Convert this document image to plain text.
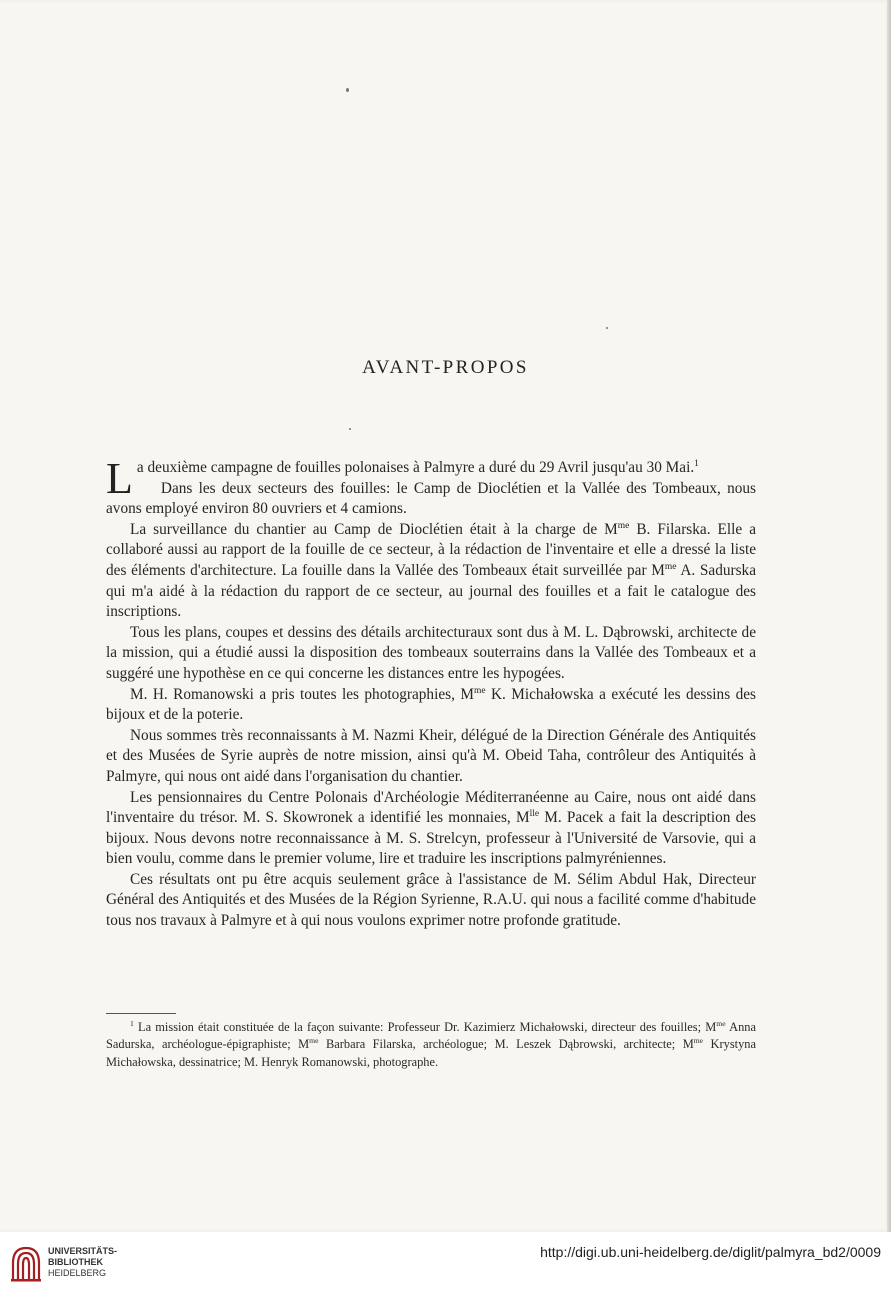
AVANT-PROPOS

La deuxième campagne de fouilles polonaises à Palmyre a duré du 29 Avril jusqu'au 30 Mai.$^1$

Dans les deux secteurs des fouilles: le Camp de Dioclétien et la Vallée des Tombeaux, nous avons employé environ 80 ouvriers et 4 camions.

La surveillance du chantier au Camp de Dioclétien était à la charge de $M^{me}$ B. Filarska. Elle a collaboré aussi au rapport de la fouille de ce secteur, à la rédaction de l'inventaire et elle a dressé la liste des éléments d'architecture. La fouille dans la Vallée des Tombeaux était surveillée par $M^{me}$ A. Sadurska qui m'a aidé à la rédaction du rapport de ce secteur, au journal des fouilles et a fait le catalogue des inscriptions.

Tous les plans, coupes et dessins des détails architecturaux sont dus à M. L. Dąbrowski, architecte de la mission, qui a étudié aussi la disposition des tombeaux souterrains dans la Vallée des Tombeaux et a suggéré une hypothèse en ce qui concerne les distances entre les hypogées.

M. H. Romanowski a pris toutes les photographies, $M^{me}$ K. Michałowska a exécuté les dessins des bijoux et de la poterie.

Nous sommes très reconnaissants à M. Nazmi Kheir, délégué de la Direction Générale des Antiquités et des Musées de Syrie auprès de notre mission, ainsi qu'à M. Obeid Taha, contrôleur des Antiquités à Palmyre, qui nous ont aidé dans l'organisation du chantier.

Les pensionnaires du Centre Polonais d'Archéologie Méditerranéenne au Caire, nous ont aidé dans l'inventaire du trésor. M. S. Skowronek a identifié les monnaies, $M^{lle}$ M. Pacek a fait la description des bijoux. Nous devons notre reconnaissance à M. S. Strelcyn, professeur à l'Université de Varsovie, qui a bien voulu, comme dans le premier volume, lire et traduire les inscriptions palmyréniennes.

Ces résultats ont pu être acquis seulement grâce à l'assistance de M. Sélim Abdul Hak, Directeur Général des Antiquités et des Musées de la Région Syrienne, R.A.U. qui nous a facilité comme d'habitude tous nos travaux à Palmyre et à qui nous voulons exprimer notre profonde gratitude.

$^1$ La mission était constituée de la façon suivante: Professeur Dr. Kazimierz Michałowski, directeur des fouilles; $M^{me}$ Anna Sadurska, archéologue-épigraphiste; $M^{me}$ Barbara Filarska, archéologue; M. Leszek Dąbrowski, architecte; $M^{me}$ Krystyna Michałowska, dessinatrice; M. Henryk Romanowski, photographe.

UNIVERSITÄTS-
BIBLIOTHEK
HEIDELBERG
http://digi.ub.uni-heidelberg.de/diglit/palmyra_bd2/0009
